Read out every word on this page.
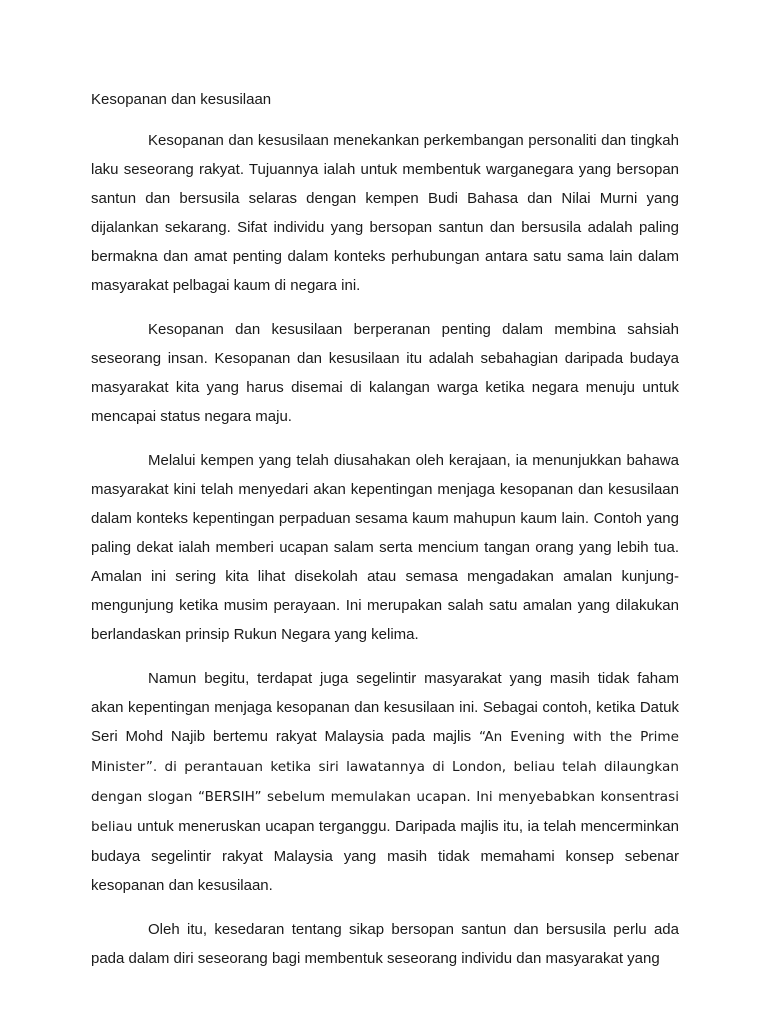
Kesopanan dan kesusilaan

Kesopanan dan kesusilaan menekankan perkembangan personaliti dan tingkah laku seseorang rakyat. Tujuannya ialah untuk membentuk warganegara yang bersopan santun dan bersusila selaras dengan kempen Budi Bahasa dan Nilai Murni yang dijalankan sekarang. Sifat individu yang bersopan santun dan bersusila adalah paling bermakna dan amat penting dalam konteks perhubungan antara satu sama lain dalam masyarakat pelbagai kaum di negara ini.

Kesopanan dan kesusilaan berperanan penting dalam membina sahsiah seseorang insan. Kesopanan dan kesusilaan itu adalah sebahagian daripada budaya masyarakat kita yang harus disemai di kalangan warga ketika negara menuju untuk mencapai status negara maju.

Melalui kempen yang telah diusahakan oleh kerajaan, ia menunjukkan bahawa masyarakat kini telah menyedari akan kepentingan menjaga kesopanan dan kesusilaan dalam konteks kepentingan perpaduan sesama kaum mahupun kaum lain. Contoh yang paling dekat ialah memberi ucapan salam serta mencium tangan orang yang lebih tua. Amalan ini sering kita lihat disekolah atau semasa mengadakan amalan kunjung-mengunjung ketika musim perayaan. Ini merupakan salah satu amalan yang dilakukan berlandaskan prinsip Rukun Negara yang kelima.

Namun begitu, terdapat juga segelintir masyarakat yang masih tidak faham akan kepentingan menjaga kesopanan dan kesusilaan ini. Sebagai contoh, ketika Datuk Seri Mohd Najib bertemu rakyat Malaysia pada majlis “An Evening with the Prime Minister”. di perantauan ketika siri lawatannya di London, beliau telah dilaungkan dengan slogan “BERSIH” sebelum memulakan ucapan. Ini menyebabkan konsentrasi beliau untuk meneruskan ucapan terganggu. Daripada majlis itu, ia telah mencerminkan budaya segelintir rakyat Malaysia yang masih tidak memahami konsep sebenar kesopanan dan kesusilaan.

Oleh itu, kesedaran tentang sikap bersopan santun dan bersusila perlu ada pada dalam diri seseorang bagi membentuk seseorang individu dan masyarakat yang
